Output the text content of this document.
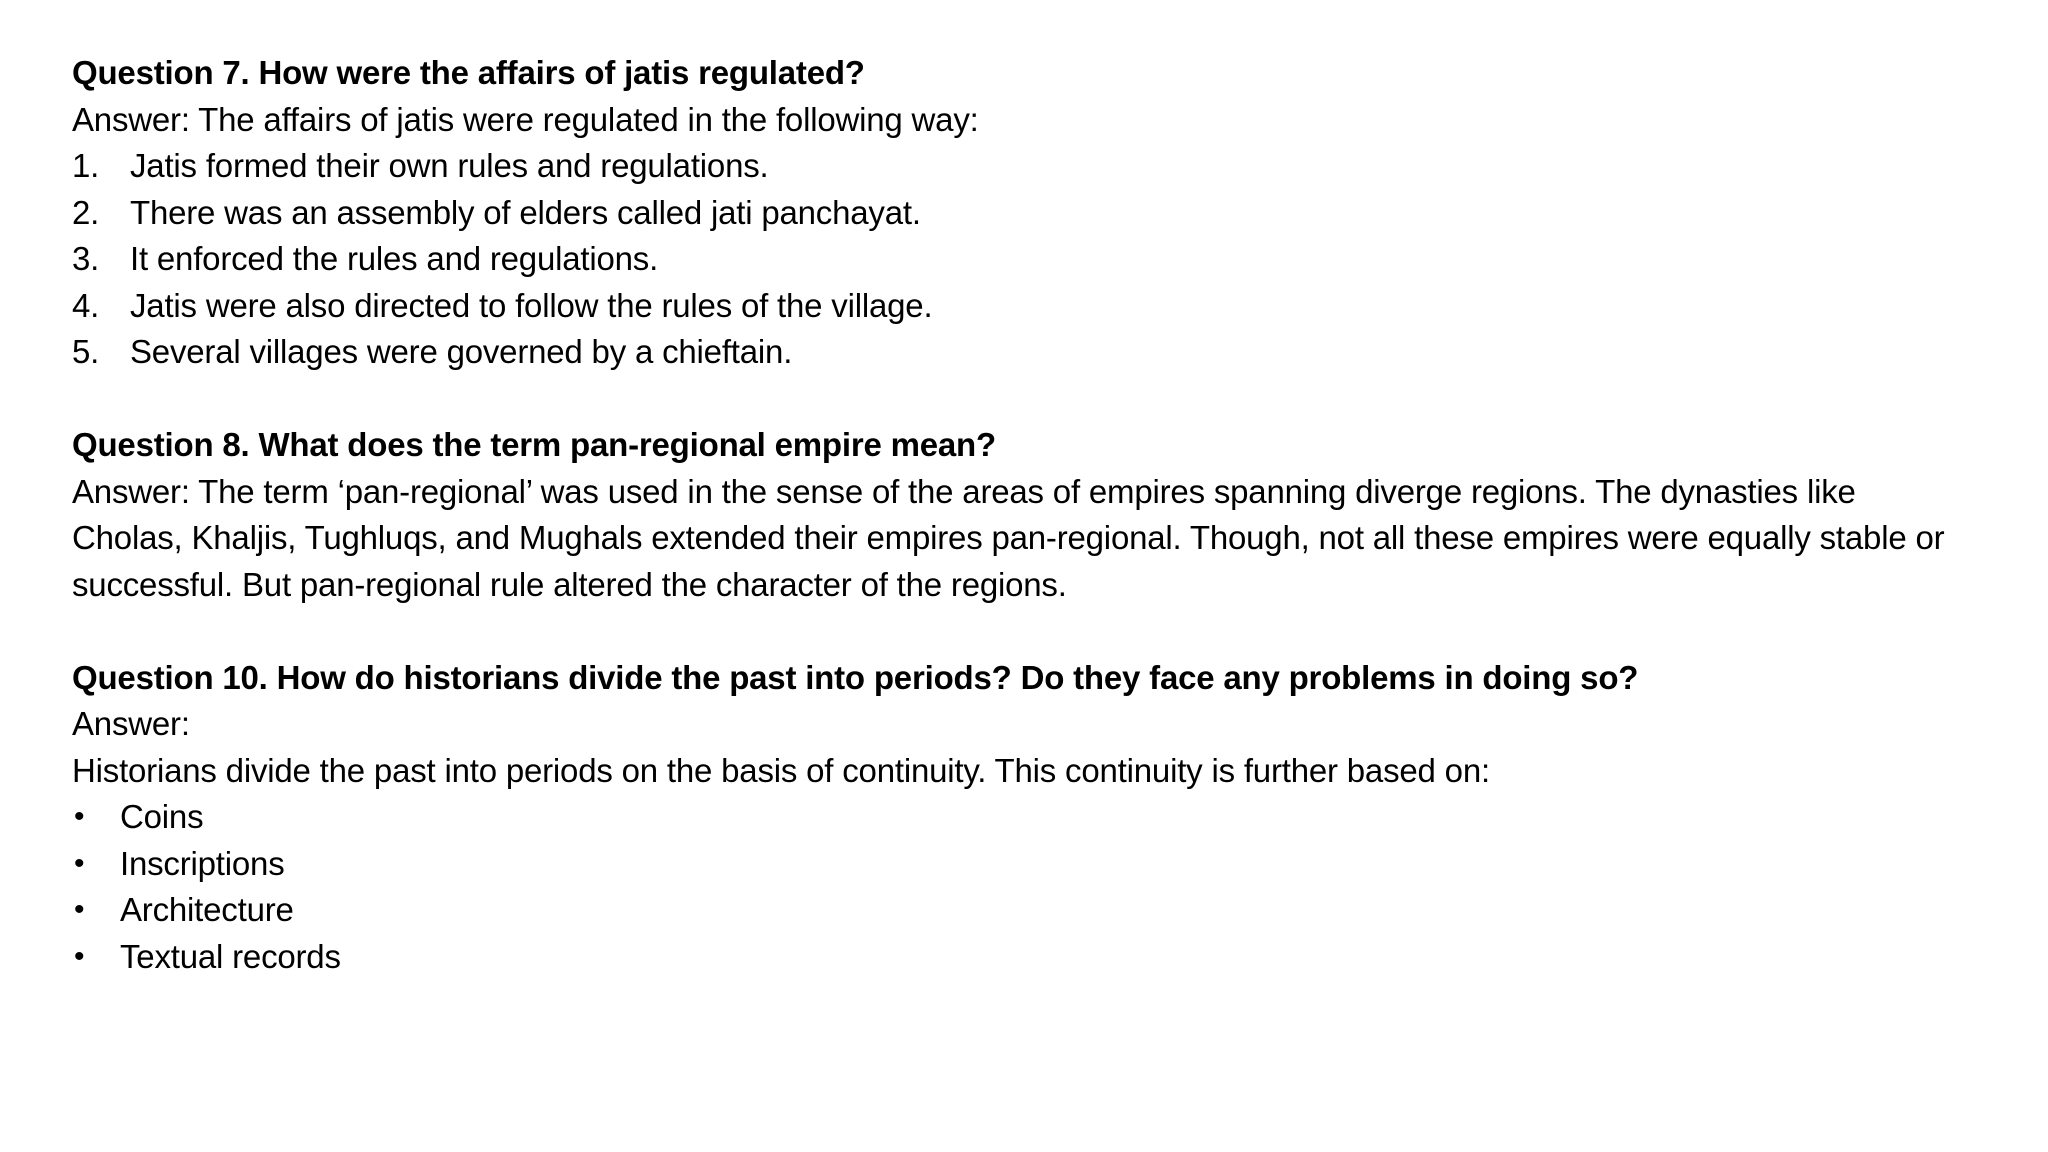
Question 7. How were the affairs of jatis regulated?

Answer: The affairs of jatis were regulated in the following way:

1. Jatis formed their own rules and regulations.
2. There was an assembly of elders called jati panchayat.
3. It enforced the rules and regulations.
4. Jatis were also directed to follow the rules of the village.
5. Several villages were governed by a chieftain.

Question 8. What does the term pan-regional empire mean?

Answer: The term ‘pan-regional’ was used in the sense of the areas of empires spanning diverge regions. The dynasties like Cholas, Khaljis, Tughluqs, and Mughals extended their empires pan-regional. Though, not all these empires were equally stable or successful. But pan-regional rule altered the character of the regions.

Question 10. How do historians divide the past into periods? Do they face any problems in doing so?

Answer:

Historians divide the past into periods on the basis of continuity. This continuity is further based on:

• Coins
• Inscriptions
• Architecture
• Textual records
